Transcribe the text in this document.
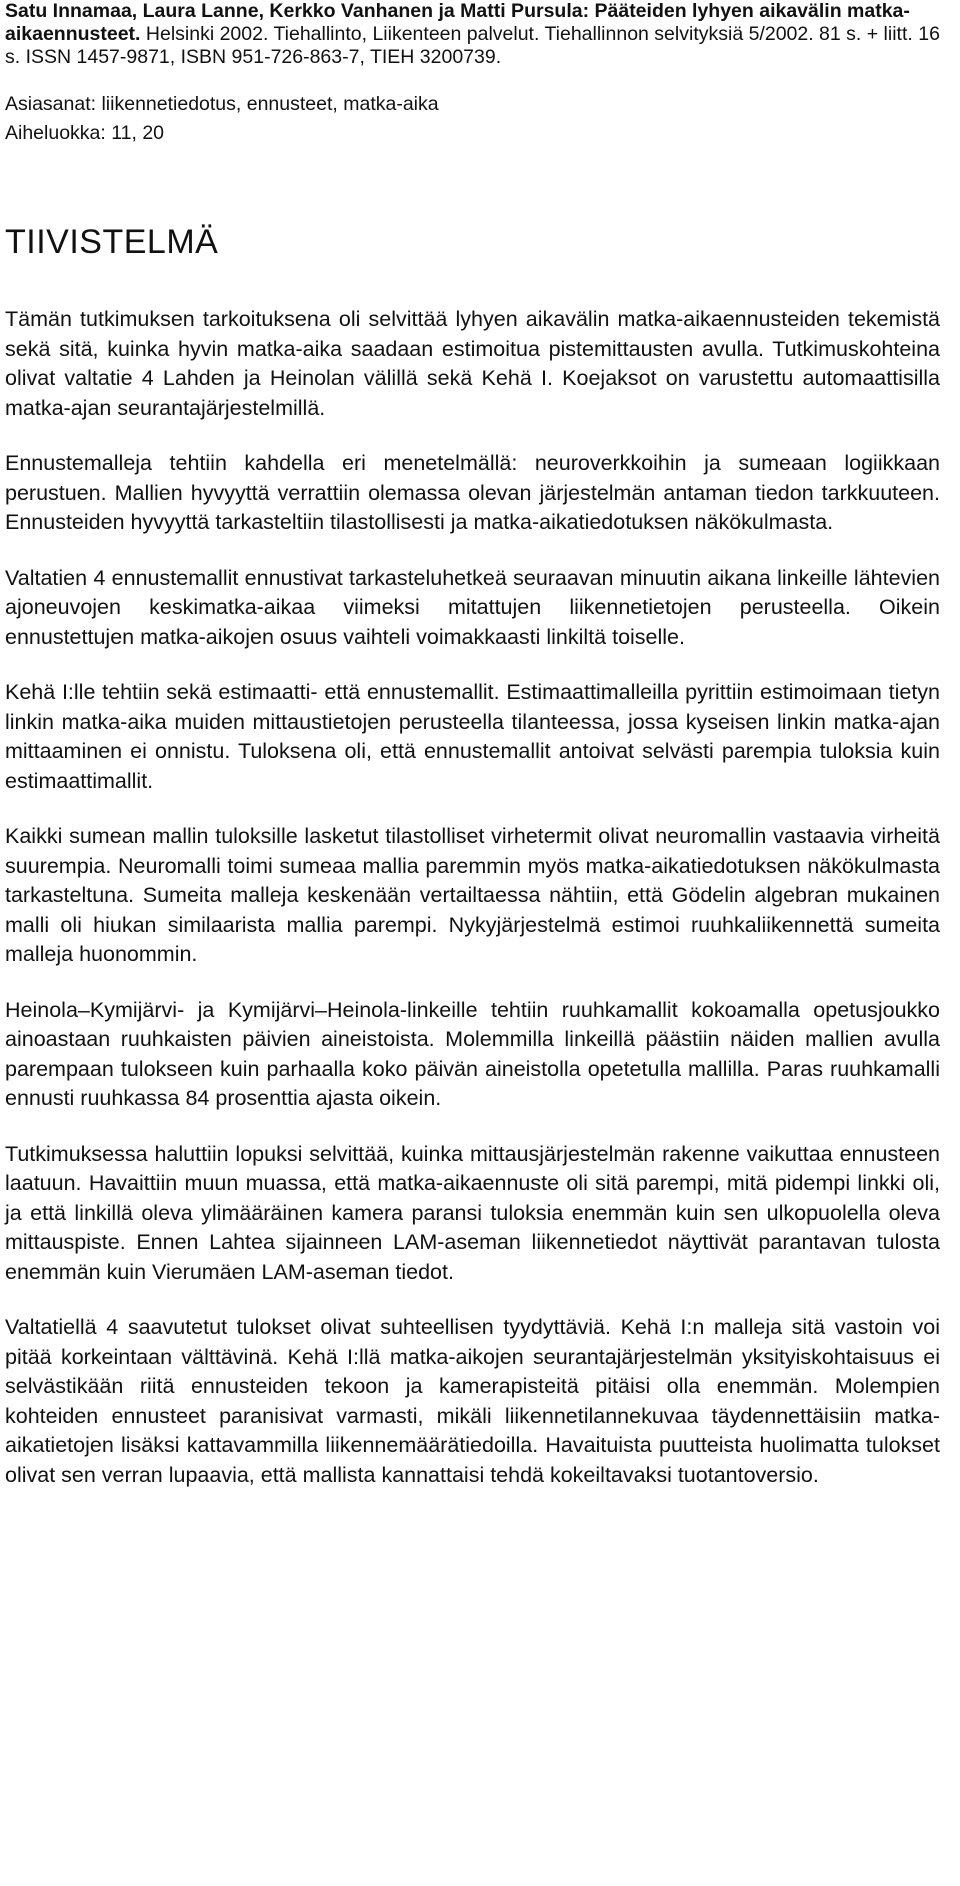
Satu Innamaa, Laura Lanne, Kerkko Vanhanen ja Matti Pursula: Pääteiden lyhyen aikavälin matka-aikaennusteet. Helsinki 2002. Tiehallinto, Liikenteen palvelut. Tiehallinnon selvityksiä 5/2002. 81 s. + liitt. 16 s. ISSN 1457-9871, ISBN 951-726-863-7, TIEH 3200739.

Asiasanat: liikennetiedotus, ennusteet, matka-aika
Aiheluokka: 11, 20
TIIVISTELMÄ

Tämän tutkimuksen tarkoituksena oli selvittää lyhyen aikavälin matka-aikaennusteiden tekemistä sekä sitä, kuinka hyvin matka-aika saadaan estimoitua pistemittausten avulla. Tutkimuskohteina olivat valtatie 4 Lahden ja Heinolan välillä sekä Kehä I. Koejaksot on varustettu automaattisilla matka-ajan seurantajärjestelmillä.

Ennustemalleja tehtiin kahdella eri menetelmällä: neuroverkkoihin ja sumeaan logiikkaan perustuen. Mallien hyvyyttä verrattiin olemassa olevan järjestelmän antaman tiedon tarkkuuteen. Ennusteiden hyvyyttä tarkasteltiin tilastollisesti ja matka-aikatiedotuksen näkökulmasta.

Valtatien 4 ennustemallit ennustivat tarkasteluhetkeä seuraavan minuutin aikana linkeille lähtevien ajoneuvojen keskimatka-aikaa viimeksi mitattujen liikennetietojen perusteella. Oikein ennustettujen matka-aikojen osuus vaihteli voimakkaasti linkiltä toiselle.

Kehä I:lle tehtiin sekä estimaatti- että ennustemallit. Estimaattimalleilla pyrittiin estimoimaan tietyn linkin matka-aika muiden mittaustietojen perusteella tilanteessa, jossa kyseisen linkin matka-ajan mittaaminen ei onnistu. Tuloksena oli, että ennustemallit antoivat selvästi parempia tuloksia kuin estimaattimallit.

Kaikki sumean mallin tuloksille lasketut tilastolliset virhetermit olivat neuromallin vastaavia virheitä suurempia. Neuromalli toimi sumeaa mallia paremmin myös matka-aikatiedotuksen näkökulmasta tarkasteltuna. Sumeita malleja keskenään vertailtaessa nähtiin, että Gödelin algebran mukainen malli oli hiukan similaarista mallia parempi. Nykyjärjestelmä estimoi ruuhkaliikennettä sumeita malleja huonommin.

Heinola–Kymijärvi- ja Kymijärvi–Heinola-linkeille tehtiin ruuhkamallit kokoamalla opetusjoukko ainoastaan ruuhkaisten päivien aineistoista. Molemmilla linkeillä päästiin näiden mallien avulla parempaan tulokseen kuin parhaalla koko päivän aineistolla opetetulla mallilla. Paras ruuhkamalli ennusti ruuhkassa 84 prosenttia ajasta oikein.

Tutkimuksessa haluttiin lopuksi selvittää, kuinka mittausjärjestelmän rakenne vaikuttaa ennusteen laatuun. Havaittiin muun muassa, että matka-aikaennuste oli sitä parempi, mitä pidempi linkki oli, ja että linkillä oleva ylimääräinen kamera paransi tuloksia enemmän kuin sen ulkopuolella oleva mittauspiste. Ennen Lahtea sijainneen LAM-aseman liikennetiedot näyttivät parantavan tulosta enemmän kuin Vierumäen LAM-aseman tiedot.

Valtatiellä 4 saavutetut tulokset olivat suhteellisen tyydyttäviä. Kehä I:n malleja sitä vastoin voi pitää korkeintaan välttävinä. Kehä I:llä matka-aikojen seurantajärjestelmän yksityiskohtaisuus ei selvästikään riitä ennusteiden tekoon ja kamerapisteitä pitäisi olla enemmän. Molempien kohteiden ennusteet paranisivat varmasti, mikäli liikennetilannekuvaa täydennettäisiin matkaaikatietojen lisäksi kattavammilla liikennemäärätiedoilla. Havaituista puutteista huolimatta tulokset olivat sen verran lupaavia, että mallista kannattaisi tehdä kokeiltavaksi tuotantoversio.
